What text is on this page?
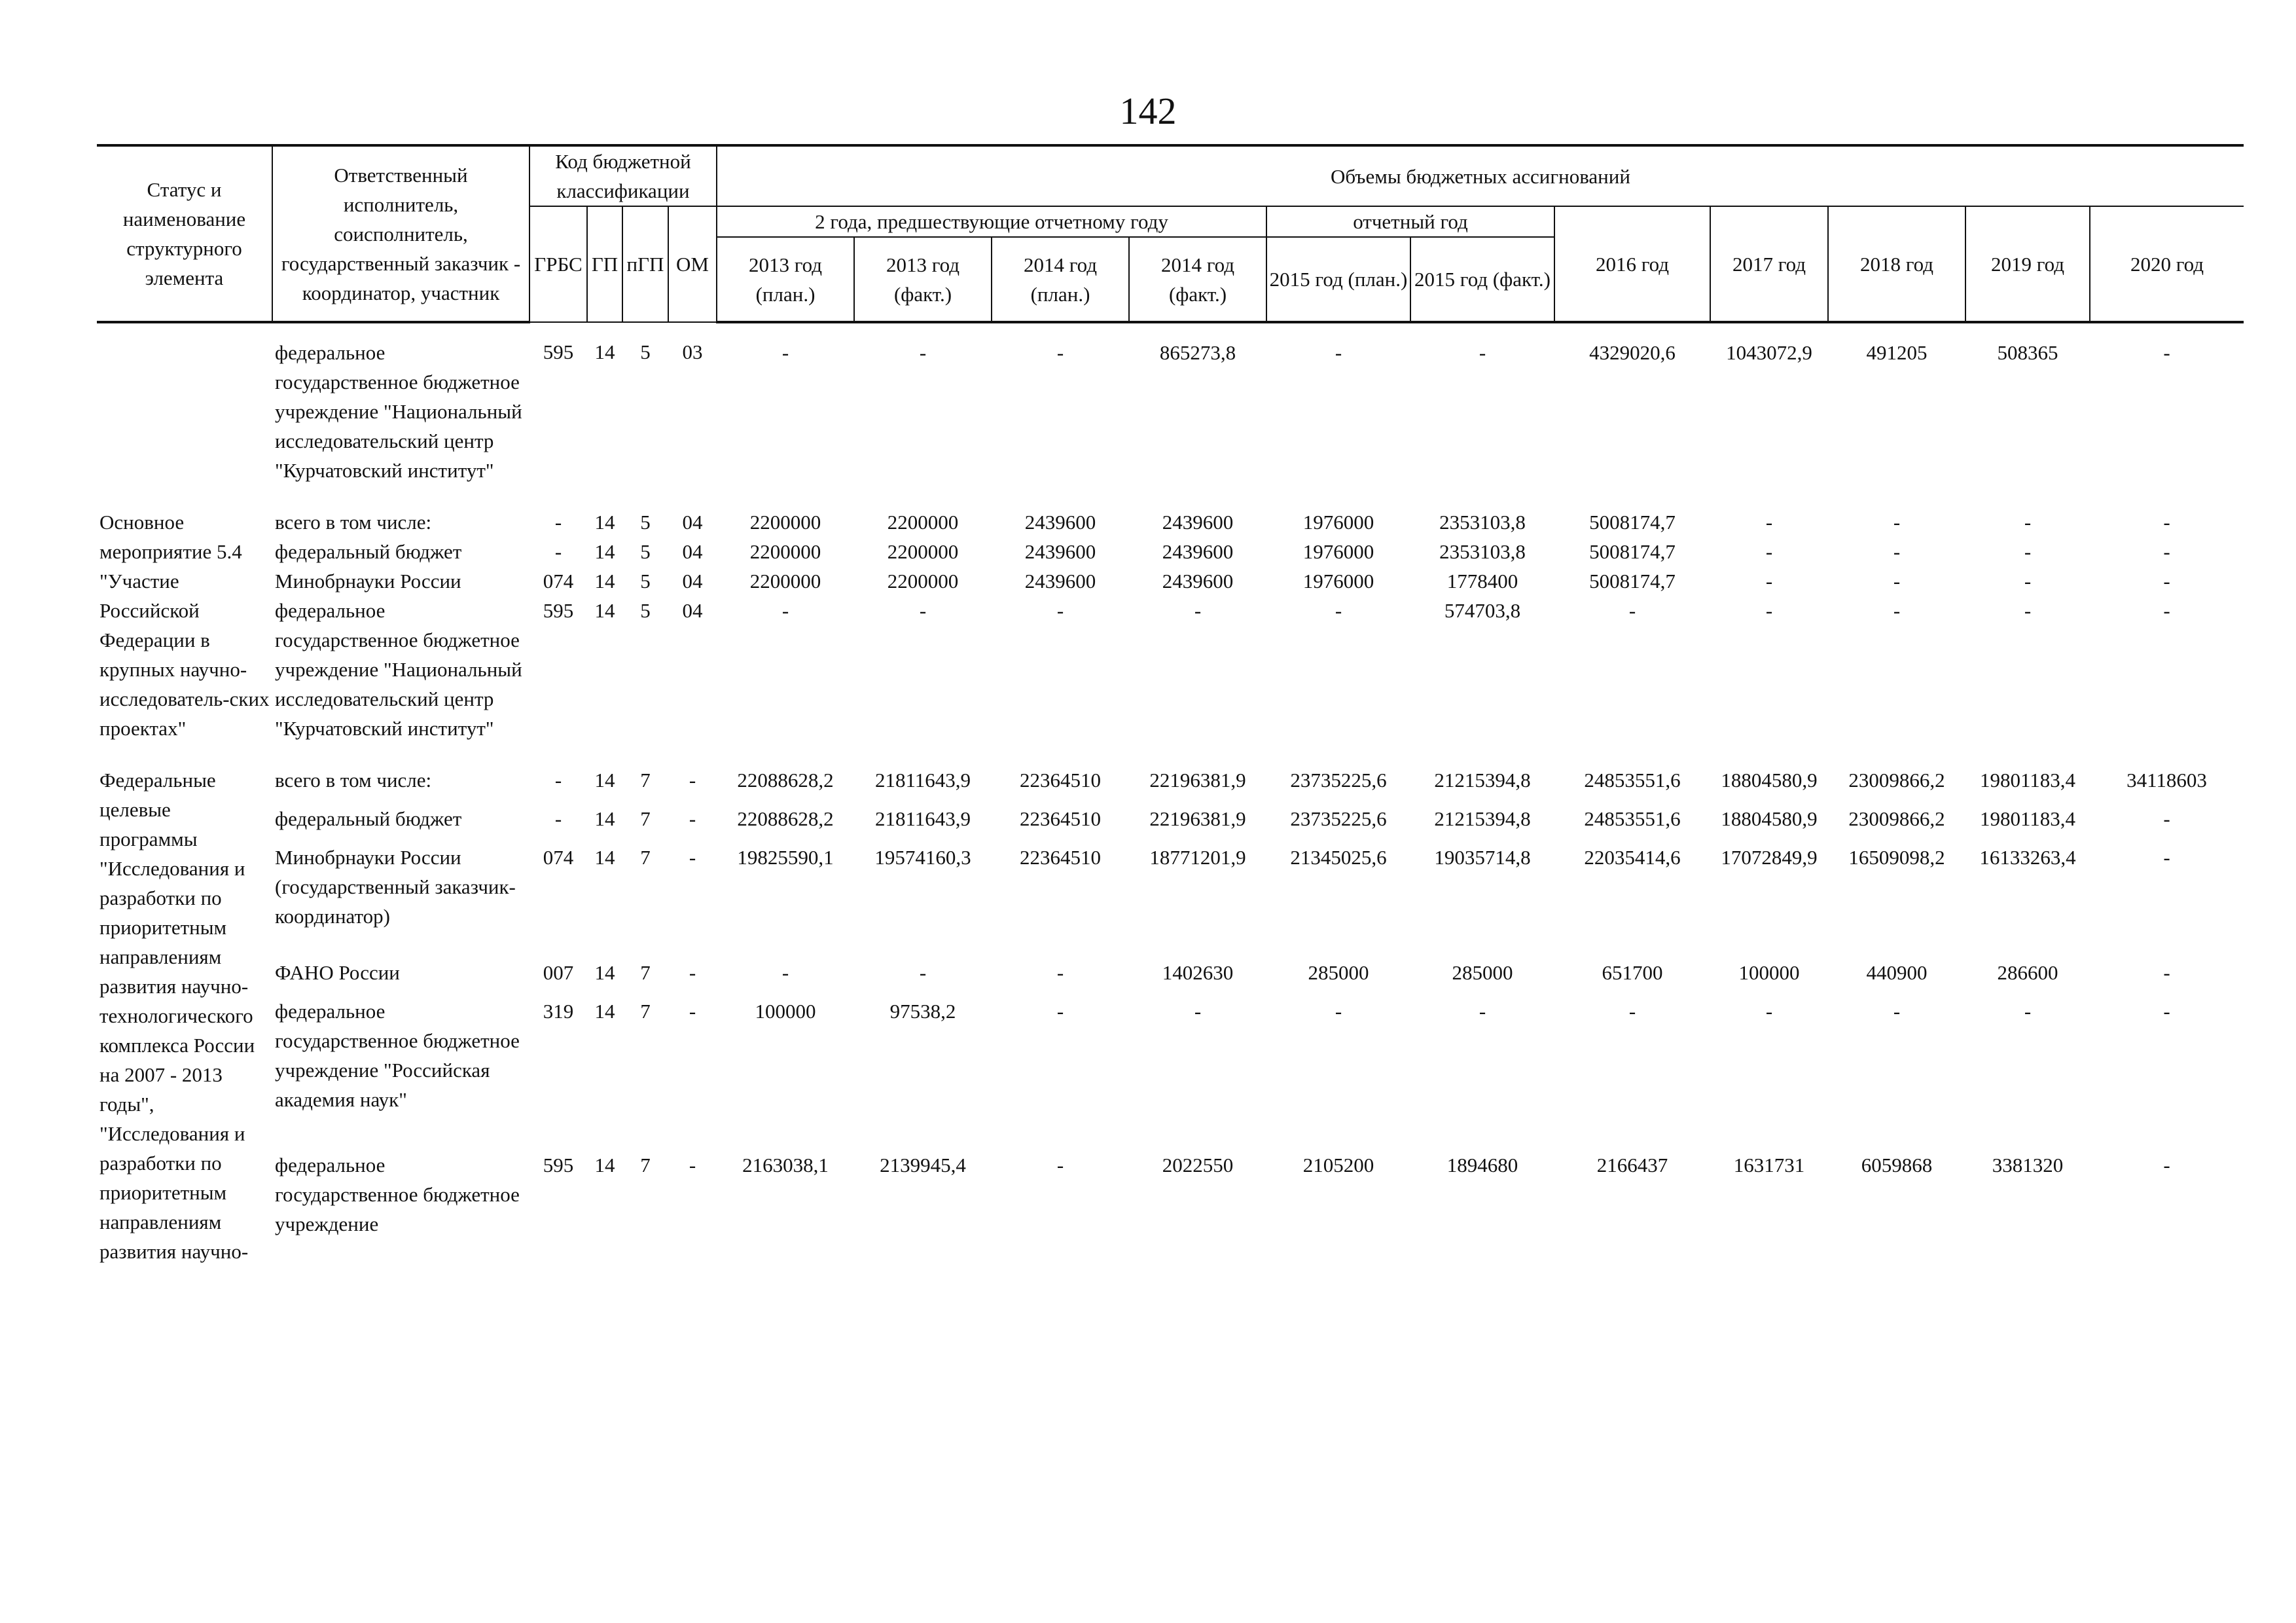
142
Статус и наименование структурного элемента	Ответственный исполнитель, соисполнитель, государственный заказчик - координатор, участник	Код бюджетной классификации				Объемы бюджетных ассигнований										
		ГРБС	ГП	пГП	ОМ	2 года, предшествующие отчетному году				отчетный год		2016 год	2017 год	2018 год	2019 год	2020 год
						2013 год (план.)	2013 год (факт.)	2014 год (план.)	2014 год (факт.)	2015 год (план.)	2015 год (факт.)					
	федеральное государственное бюджетное учреждение "Национальный исследовательский центр "Курчатовский институт"	595	14	5	03	-	-	-	865273,8	-	-	4329020,6	1043072,9	491205	508365	-

Основное мероприятие 5.4 "Участие Российской Федерации в крупных научно-исследователь-ских проектах"	всего в том числе:	-	14	5	04	2200000	2200000	2439600	2439600	1976000	2353103,8	5008174,7	-	-	-	-
	федеральный бюджет	-	14	5	04	2200000	2200000	2439600	2439600	1976000	2353103,8	5008174,7	-	-	-	-
	Минобрнауки России	074	14	5	04	2200000	2200000	2439600	2439600	1976000	1778400	5008174,7	-	-	-	-
	федеральное государственное бюджетное учреждение "Национальный исследовательский центр "Курчатовский институт"	595	14	5	04	-	-	-	-	-	574703,8	-	-	-	-	-

Федеральные целевые программы "Исследования и разработки по приоритетным направлениям развития научно-технологического комплекса России на 2007 - 2013 годы", "Исследования и разработки по приоритетным направлениям развития научно-	всего в том числе:	-	14	7	-	22088628,2	21811643,9	22364510	22196381,9	23735225,6	21215394,8	24853551,6	18804580,9	23009866,2	19801183,4	34118603
	федеральный бюджет	-	14	7	-	22088628,2	21811643,9	22364510	22196381,9	23735225,6	21215394,8	24853551,6	18804580,9	23009866,2	19801183,4	-
	Минобрнауки России (государственный заказчик-координатор)	074	14	7	-	19825590,1	19574160,3	22364510	18771201,9	21345025,6	19035714,8	22035414,6	17072849,9	16509098,2	16133263,4	-
	ФАНО России	007	14	7	-	-	-	-	1402630	285000	285000	651700	100000	440900	286600	-
	федеральное государственное бюджетное учреждение "Российская академия наук"	319	14	7	-	100000	97538,2	-	-	-	-	-	-	-	-	-
	федеральное государственное бюджетное учреждение	595	14	7	-	2163038,1	2139945,4	-	2022550	2105200	1894680	2166437	1631731	6059868	3381320	-
